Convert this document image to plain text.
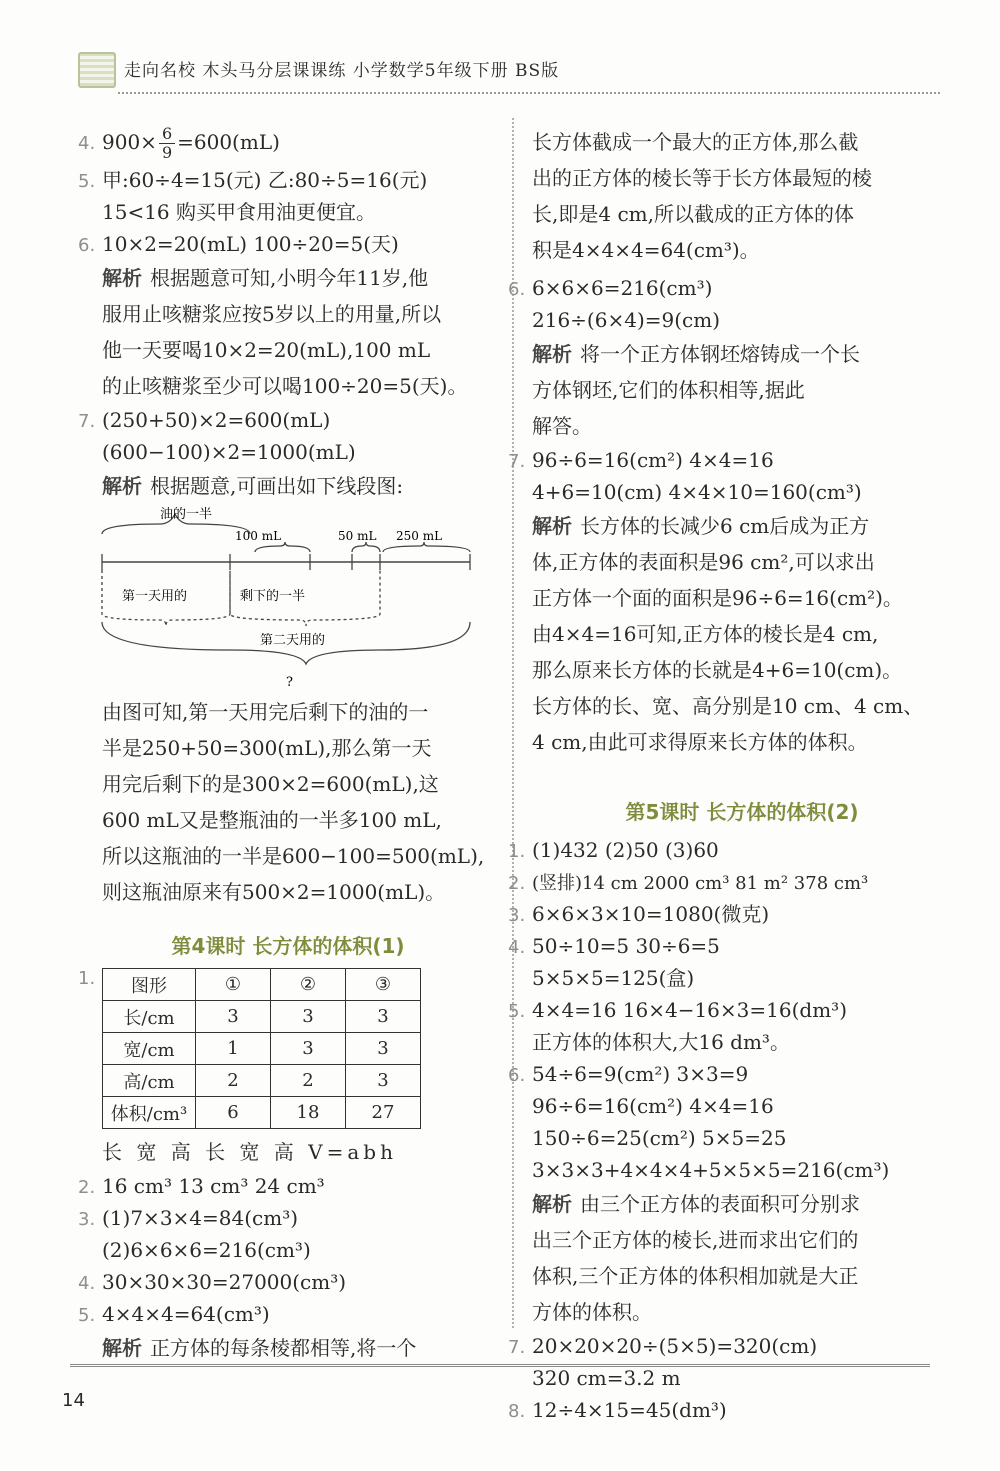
走向名校 木头马分层课课练 小学数学5年级下册 BS版
4. $900\times \frac{6}{9} =600(mL)$
5. 甲:60÷4=15(元) 乙:80÷5=16(元)
15<16 购买甲食用油更便宜。
6. 10×2=20(mL) 100÷20=5(天)
解析 根据题意可知,小明今年11岁,他
服用止咳糖浆应按5岁以上的用量,所以
他一天要喝10×2=20(mL),100 mL
的止咳糖浆至少可以喝100÷20=5(天)。
7. (250+50)×2=600(mL)
(600−100)×2=1000(mL)
解析 根据题意,可画出如下线段图:
油的一半
100 mL	50 mL 250 mL
第一天用的	剩下的一半
第二天用的
?
由图可知,第一天用完后剩下的油的一
半是250+50=300(mL),那么第一天
用完后剩下的是300×2=600(mL),这
600 mL又是整瓶油的一半多100 mL,
所以这瓶油的一半是600−100=500(mL),
则这瓶油原来有500×2=1000(mL)。
第4课时 长方体的体积(1)
1.	图形	①	②	③
长/cm	3	3	3
宽/cm	1	3	3
高/cm	2	2	3
体积/cm³	6	18	27
长 宽 高 长 宽 高 V=abh
2. 16 cm³ 13 cm³ 24 cm³
3. (1)7×3×4=84(cm³)
(2)6×6×6=216(cm³)
4. 30×30×30=27000(cm³)
5. 4×4×4=64(cm³)
解析 正方体的每条棱都相等,将一个
长方体截成一个最大的正方体,那么截
出的正方体的棱长等于长方体最短的棱
长,即是4 cm,所以截成的正方体的体
积是4×4×4=64(cm³)。
6. 6×6×6=216(cm³)
216÷(6×4)=9(cm)
解析 将一个正方体钢坯熔铸成一个长
方体钢坯,它们的体积相等,据此
解答。
7. 96÷6=16(cm²) 4×4=16
4+6=10(cm) 4×4×10=160(cm³)
解析 长方体的长减少6 cm后成为正方
体,正方体的表面积是96 cm²,可以求出
正方体一个面的面积是96÷6=16(cm²)。
由4×4=16可知,正方体的棱长是4 cm,
那么原来长方体的长就是4+6=10(cm)。
长方体的长、宽、高分别是10 cm、4 cm、
4 cm,由此可求得原来长方体的体积。
第5课时 长方体的体积(2)
1. (1)432 (2)50 (3)60
2. (竖排)14 cm 2000 cm³ 81 m² 378 cm³
3. 6×6×3×10=1080(微克)
4. 50÷10=5 30÷6=5
5×5×5=125(盒)
5. 4×4=16 16×4−16×3=16(dm³)
正方体的体积大,大16 dm³。
6. 54÷6=9(cm²) 3×3=9
96÷6=16(cm²) 4×4=16
150÷6=25(cm²) 5×5=25
3×3×3+4×4×4+5×5×5=216(cm³)
解析 由三个正方体的表面积可分别求
出三个正方体的棱长,进而求出它们的
体积,三个正方体的体积相加就是大正
方体的体积。
7. 20×20×20÷(5×5)=320(cm)
320 cm=3.2 m
8. 12÷4×15=45(dm³)
14
